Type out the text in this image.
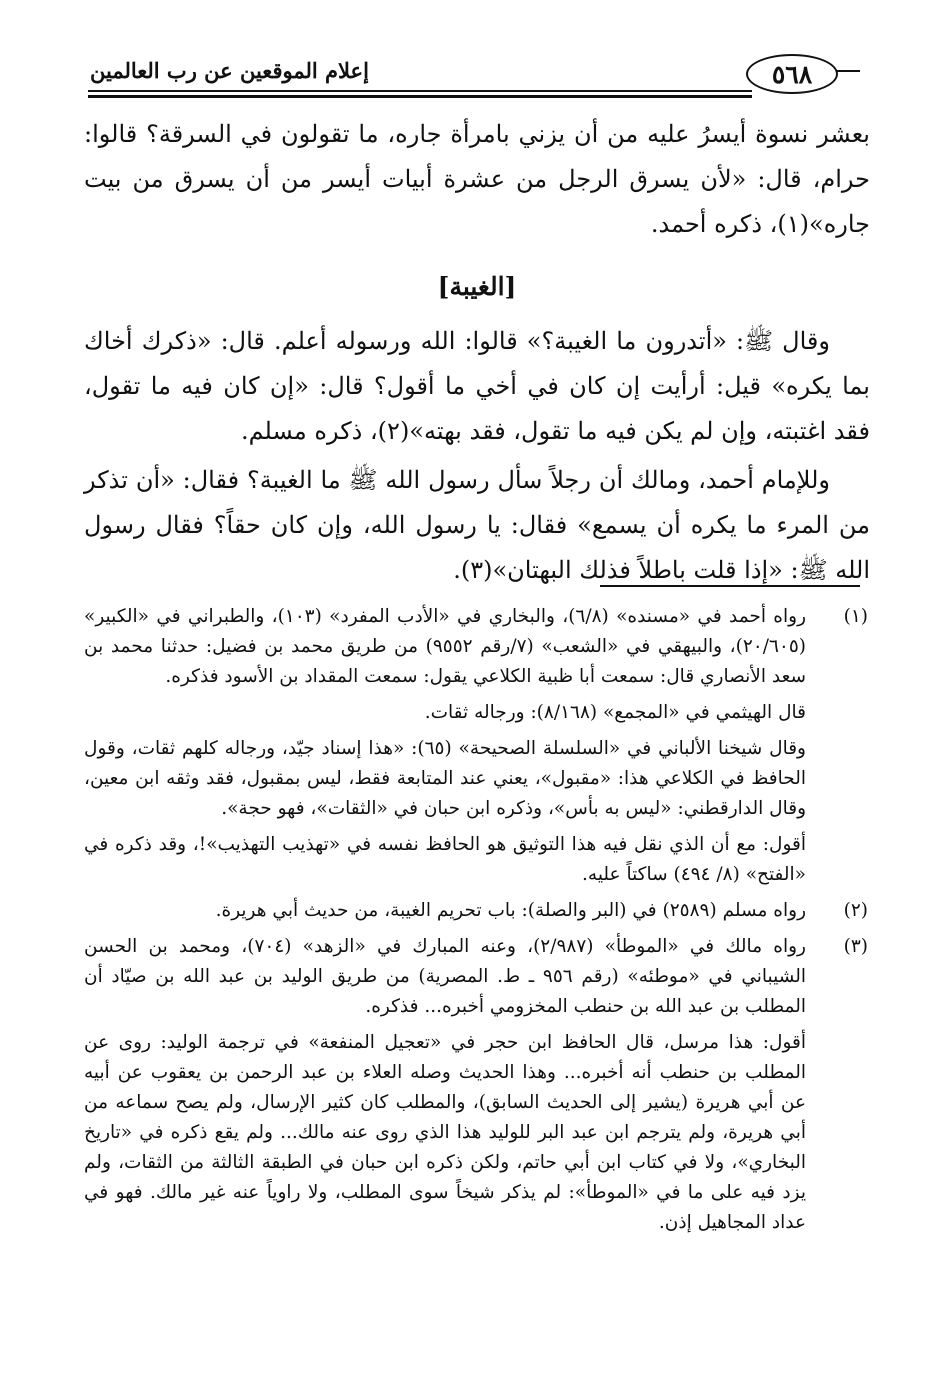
إعلام الموقعين عن رب العالمين	٥٦٨

بعشر نسوة أيسرُ عليه من أن يزني بامرأة جاره، ما تقولون في السرقة؟ قالوا: حرام، قال: «لأن يسرق الرجل من عشرة أبيات أيسر من أن يسرق من بيت جاره»(١)، ذكره أحمد.

[الغيبة]

وقال ﷺ: «أتدرون ما الغيبة؟» قالوا: الله ورسوله أعلم. قال: «ذكرك أخاك بما يكره» قيل: أرأيت إن كان في أخي ما أقول؟ قال: «إن كان فيه ما تقول، فقد اغتبته، وإن لم يكن فيه ما تقول، فقد بهته»(٢)، ذكره مسلم.

وللإمام أحمد، ومالك أن رجلاً سأل رسول الله ﷺ ما الغيبة؟ فقال: «أن تذكر من المرء ما يكره أن يسمع» فقال: يا رسول الله، وإن كان حقاً؟ فقال رسول الله ﷺ: «إذا قلت باطلاً فذلك البهتان»(٣).

(١)

رواه أحمد في «مسنده» (٦/٨)، والبخاري في «الأدب المفرد» (١٠٣)، والطبراني في «الكبير» (٢٠/٦٠٥)، والبيهقي في «الشعب» (٧/رقم ٩٥٥٢) من طريق محمد بن فضيل: حدثنا محمد بن سعد الأنصاري قال: سمعت أبا ظبية الكلاعي يقول: سمعت المقداد بن الأسود فذكره.

قال الهيثمي في «المجمع» (٨/١٦٨): ورجاله ثقات.

وقال شيخنا الألباني في «السلسلة الصحيحة» (٦٥): «هذا إسناد جيّد، ورجاله كلهم ثقات، وقول الحافظ في الكلاعي هذا: «مقبول»، يعني عند المتابعة فقط، ليس بمقبول، فقد وثقه ابن معين، وقال الدارقطني: «ليس به بأس»، وذكره ابن حبان في «الثقات»، فهو حجة».

أقول: مع أن الذي نقل فيه هذا التوثيق هو الحافظ نفسه في «تهذيب التهذيب»!، وقد ذكره في «الفتح» (٨/ ٤٩٤) ساكتاً عليه.

(٢)

رواه مسلم (٢٥٨٩) في (البر والصلة): باب تحريم الغيبة، من حديث أبي هريرة.

(٣)

رواه مالك في «الموطأ» (٢/٩٨٧)، وعنه المبارك في «الزهد» (٧٠٤)، ومحمد بن الحسن الشيباني في «موطئه» (رقم ٩٥٦ ـ ط. المصرية) من طريق الوليد بن عبد الله بن صيّاد أن المطلب بن عبد الله بن حنطب المخزومي أخبره... فذكره.

أقول: هذا مرسل، قال الحافظ ابن حجر في «تعجيل المنفعة» في ترجمة الوليد: روى عن المطلب بن حنطب أنه أخبره... وهذا الحديث وصله العلاء بن عبد الرحمن بن يعقوب عن أبيه عن أبي هريرة (يشير إلى الحديث السابق)، والمطلب كان كثير الإرسال، ولم يصح سماعه من أبي هريرة، ولم يترجم ابن عبد البر للوليد هذا الذي روى عنه مالك... ولم يقع ذكره في «تاريخ البخاري»، ولا في كتاب ابن أبي حاتم، ولكن ذكره ابن حبان في الطبقة الثالثة من الثقات، ولم يزد فيه على ما في «الموطأ»: لم يذكر شيخاً سوى المطلب، ولا راوياً عنه غير مالك. فهو في عداد المجاهيل إذن.
